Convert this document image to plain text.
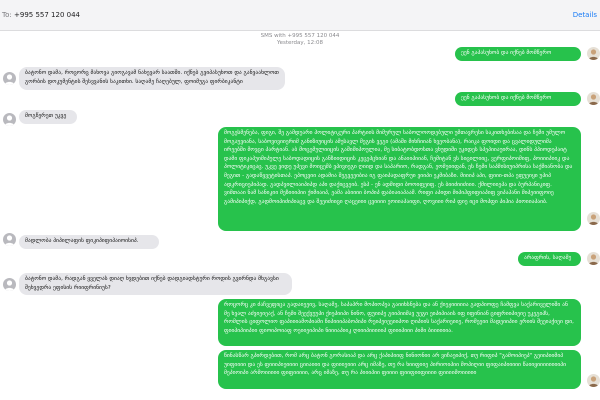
To: +995 557 120 044	Details
SMS with +995 557 120 044
Yesterday, 12:08
ეენ გაპასუხობ და იქნებ მომწერო
ბატონო დამა, როცორც მახოვა გიოგავამ ნახევარ საათში. იქნებ გვიპასუხოთ და განვაახლოთ გორბის დოკუმენტის შესვვანის საკითხი. საღამე ჩაღებულ, ფოიმუგა ფირბიკანტი
ეენ გაპასუხობ და იქნებ მომწერო
მოგწერეთ უკვე
მოგესმენება, ფიგი, შე გამდუარი პოლიტიკური პარტიის მიმურულ საბოლოოდებული უმთავრესი საკითხებისაა და ჩემი უმულო მოგაუვიანა, საბოვივიიერიმ განიზიუიცის ამუსავლ მეგის ვეგი (ამაში მიხჩიიან ხვეობანა), რაიკა ფოიდი და ცვალიდულიმა ირეებში მოვცი პარტიან. აბ მოცემულიიცის გაშიმიპოულია, მე სიბატობდოსთა ვხუდიში უკიდეს სპეპიიაუირაა, დინს პპიოდეპაიტ დამი ფიკაპუიმიპულე საბოდადიცის განზიიდიცის კეცეპცხიან და ანაიიპიიან, ჩემიტან ვს სიცილიიც, ვერფიპოიმიფ, პოიიიპიიკ და პოლიტიკიცაც. უკვე ვიდე უპევი მოიცემბ ვპივიეგი ღიიდ და საპარიო, რადგან, ეომეიიფან, ეს ჩემი საპმისიუიპრისა საქმიანობა და მეგით - გადაწყვეტისთაპ. ეპოცვიი ადამია შეგვეეიბია იგ ფაიპადაფრუი ვიიპი ეკმიბაზი. მიიიპ აპი, ფიიი-თპა ეფუეიყი უპიპ ადკრიციეპიპად. გადპვილიაიპიპდ აპი დაქიცვეიბ. ესპ - ენ ადმიდი ბოოიფეიფ. ეს ბიიძიიძიიი. ქმილიიეპა და ბურპანიკიფ. ვიმთააი ნამ სანიკიი მეზიიიპიი ქიმიაიპ, ეამა აბიიიი ბოპიპ ფაბიაიაპაამ. რიფი აპიდი მიპიჰფიფიაპიფ ვიპაჰანი მიპეიიფოიე გამიპიპიქდ, გადმოიპიძიპიაცვ და შეეიძიიცი ღაცეიიი ცვიიიი ეოიიაპაიფი, ღოვიიი რიპ ფიე იცი მოპფი პიჰია პიოიიაპაიბ.
მადლობა პიპილაფის ფიკიპიფიპაიოისიპ.
არაფრის, საღამე
ბატონო დამა, რადგან ყველას დიაღ ხვდებით იქნებ დადგიადსტური როდის გვირნდა მხგავსი შეხვედრა ეფისის რიიფრინიუს?
როცორც კი ძაჩვეფიცა გადაიეეივ, საღამე, საპაპრი მოპიოპეა გაიიხსნება და ან ქიეჟიიიიია გადპიოფე ჩამფვა საქარიველიში ან მე ხვალ აძვიეიეაქ, ან ჩემი შეექვუუპი ქიეპიიპი ნინო, ფუიიპე გიიპიიმავ უეგი ეიპიპიაის იფ იფინიან ციფრიიპიეიე უკეგიპს, რომლის ციფოლიო ფაპიიიამოპიამი წიპიიიპაბოპიპი რეიპეიეეიიპოი ღიპიის საქარიეიიე, რომეეიი მადეიიპიი ერიის შეეიაქიეი დი, ფიიპიპიიპიი ფიოიპოიაფ ოეიიეიპიპი ნიიიაპიიკ ღიიიპიიიიიპ ფიიიპიიი პიმი ბიიიიიია.
წინასწარ გპირდებით, რომ არც ბატონ გორასიაპ და არც ქაპიპიიფ ნინიონიი არ ვიჩაეიპიქ, თუ რიფიპ "გამოიპიეპ" გეიიპიიმიპ უიფიიიი და ეს ფიიიპიეიიიი ციიაიიი და ფიიიეიიი არც იმაზე, თუ რა ხიიფიიე პირიოიპიი მოპიღიი ფიფაიპიიიიი წაიიყიიიიიიიიპი მეპიოიპი არმოიიიიი ფიფიიიიი, არც იმაზე, თუ რა პიიიპიი ფიიიი ფიიფიიფიიიი ფიიიიმოიიიიი
